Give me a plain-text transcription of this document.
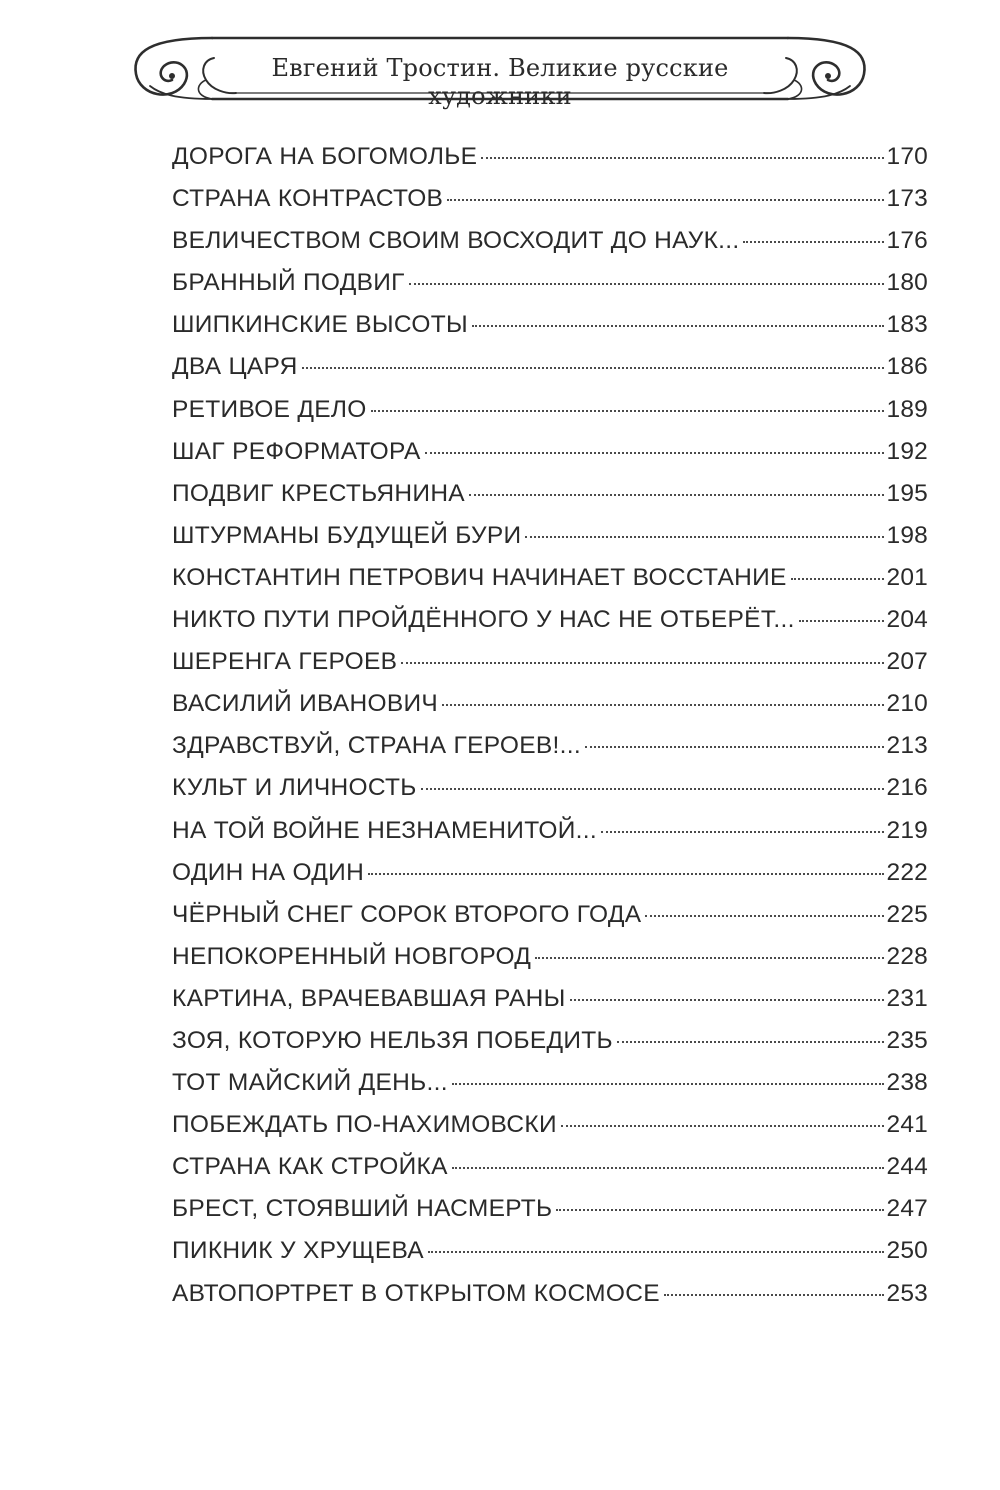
Евгений Тростин. Великие русские художники
ДОРОГА НА БОГОМОЛЬЕ	170
СТРАНА КОНТРАСТОВ	173
ВЕЛИЧЕСТВОМ СВОИМ ВОСХОДИТ ДО НАУК...	176
БРАННЫЙ ПОДВИГ	180
ШИПКИНСКИЕ ВЫСОТЫ	183
ДВА ЦАРЯ	186
РЕТИВОЕ ДЕЛО	189
ШАГ РЕФОРМАТОРА	192
ПОДВИГ КРЕСТЬЯНИНА	195
ШТУРМАНЫ БУДУЩЕЙ БУРИ	198
КОНСТАНТИН ПЕТРОВИЧ НАЧИНАЕТ ВОССТАНИЕ	201
НИКТО ПУТИ ПРОЙДЁННОГО У НАС НЕ ОТБЕРЁТ...	204
ШЕРЕНГА ГЕРОЕВ	207
ВАСИЛИЙ ИВАНОВИЧ	210
ЗДРАВСТВУЙ, СТРАНА ГЕРОЕВ!...	213
КУЛЬТ И ЛИЧНОСТЬ	216
НА ТОЙ ВОЙНЕ НЕЗНАМЕНИТОЙ...	219
ОДИН НА ОДИН	222
ЧЁРНЫЙ СНЕГ СОРОК ВТОРОГО ГОДА	225
НЕПОКОРЕННЫЙ НОВГОРОД	228
КАРТИНА, ВРАЧЕВАВШАЯ РАНЫ	231
ЗОЯ, КОТОРУЮ НЕЛЬЗЯ ПОБЕДИТЬ	235
ТОТ МАЙСКИЙ ДЕНЬ...	238
ПОБЕЖДАТЬ ПО-НАХИМОВСКИ	241
СТРАНА КАК СТРОЙКА	244
БРЕСТ, СТОЯВШИЙ НАСМЕРТЬ	247
ПИКНИК У ХРУЩЕВА	250
АВТОПОРТРЕТ В ОТКРЫТОМ КОСМОСЕ	253
